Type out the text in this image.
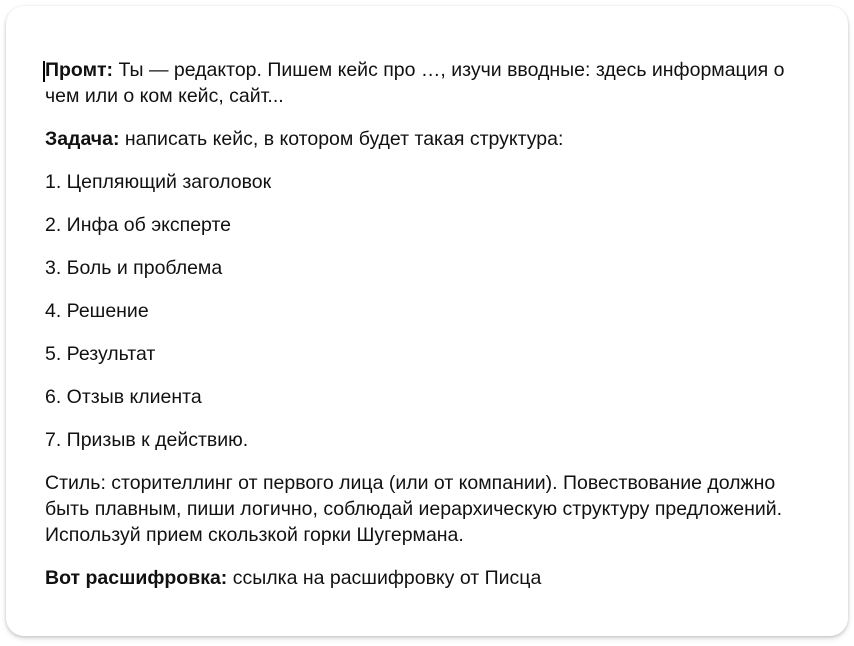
Промт: Ты — редактор. Пишем кейс про …, изучи вводные: здесь информация о чем или о ком кейс, сайт...

Задача: написать кейс, в котором будет такая структура:

1. Цепляющий заголовок
2. Инфа об эксперте
3. Боль и проблема
4. Решение
5. Результат
6. Отзыв клиента
7. Призыв к действию.

Стиль: сторителлинг от первого лица (или от компании). Повествование должно быть плавным, пиши логично, соблюдай иерархическую структуру предложений. Используй прием скользкой горки Шугермана.

Вот расшифровка: ссылка на расшифровку от Писца
